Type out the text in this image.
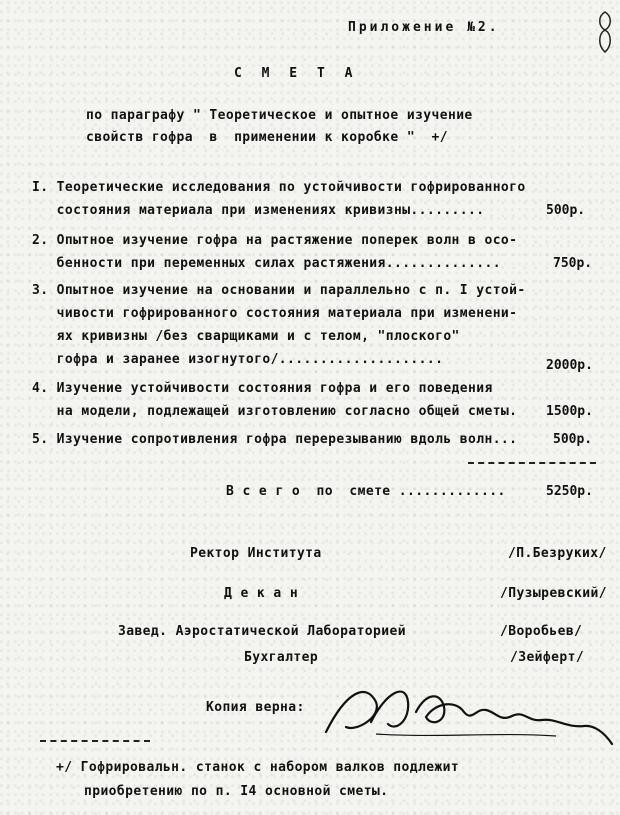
Приложение №2.
С М Е Т А
по параграфу " Теоретическое и опытное изучение
свойств гофра  в  применении к коробке "  +/
I. Теоретические исследования по устойчивости гофрированного
состояния материала при изменениях кривизны.........	500р.
2. Опытное изучение гофра на растяжение поперек волн в осо-
бенности при переменных силах растяжения..............	750р.
3. Опытное изучение на основании и параллельно с п. I устой-
чивости гофрированного состояния материала при изменени-
ях кривизны /без сварщиками и с телом, "плоского"
гофра и заранее изогнутого/....................	2000р.
4. Изучение устойчивости состояния гофра и его поведения
на модели, подлежащей изготовлению согласно общей сметы. 1500р.
5. Изучение сопротивления гофра перерезыванию вдоль волн...	500р.
В с е г о  по  смете .............	5250р.
Ректор Института	/П.Безруких/
Д е к а н	/Пузыревский/
Завед. Аэростатической Лабораторией	/Воробьев/
Бухгалтер	/Зейферт/
Копия верна:
+/ Гофрировальн. станок с набором валков подлежит
приобретению по п. I4 основной сметы.
